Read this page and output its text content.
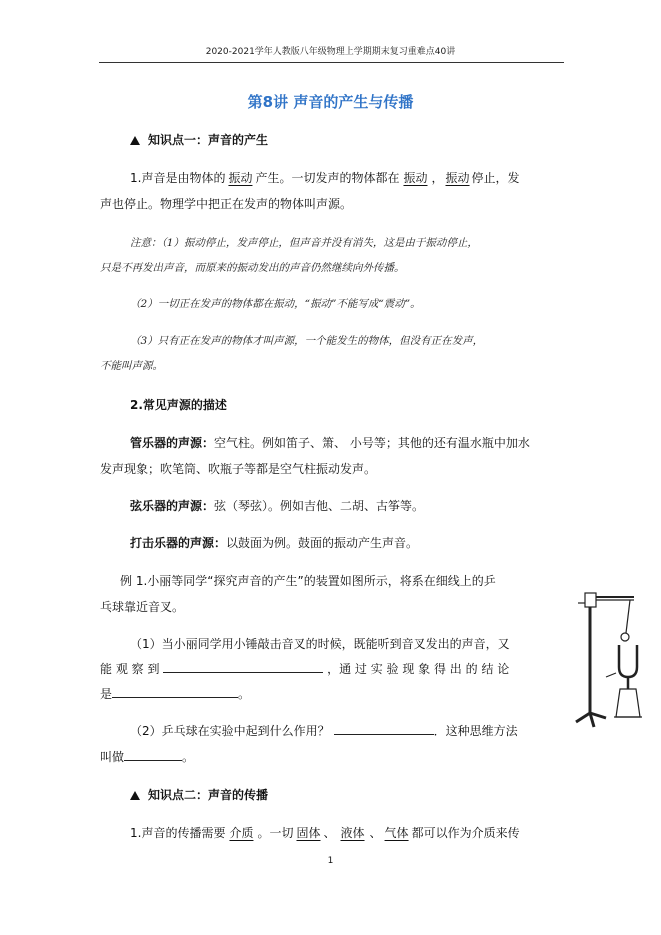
2020-2021学年人教版八年级物理上学期期末复习重难点40讲
第8讲 声音的产生与传播
知识点一：声音的产生
1.声音是由物体的 振动 产生。一切发声的物体都在 振动 ， 振动 停止，发
声也停止。物理学中把正在发声的物体叫声源。
注意：（1）振动停止，发声停止，但声音并没有消失，这是由于振动停止，
只是不再发出声音，而原来的振动发出的声音仍然继续向外传播。
（2）一切正在发声的物体都在振动，“振动”不能写成“震动”。
（3）只有正在发声的物体才叫声源，一个能发生的物体，但没有正在发声，
不能叫声源。
2.常见声源的描述
管乐器的声源：空气柱。例如笛子、箫、 小号等；其他的还有温水瓶中加水
发声现象；吹笔筒、吹瓶子等都是空气柱振动发声。
弦乐器的声源：弦（琴弦）。例如吉他、二胡、古筝等。
打击乐器的声源：以鼓面为例。鼓面的振动产生声音。
例 1.小丽等同学“探究声音的产生”的装置如图所示，将系在细线上的乒
乓球靠近音叉。
（1）当小丽同学用小锤敲击音叉的时候，既能听到音叉发出的声音，又
能 观 察 到	，通 过 实 验 现 象 得 出 的 结 论
是	。
（2）乒乓球在实验中起到什么作用？	．这种思维方法
叫做	。
知识点二：声音的传播
1.声音的传播需要 介质 。一切 固体 、 液体 、 气体 都可以作为介质来传
1
